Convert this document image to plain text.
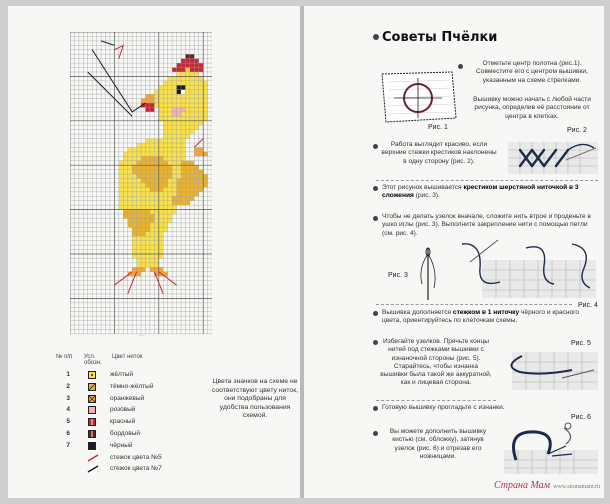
№ п/п Усл. обозн.
Цвет ниток
1	жёлтый
2	тёмно-жёлтый
3	оранжевый
4	розовый
5	красный
6	бордовый
7	чёрный
стежок цвета №5
стежок цвета №7
Цвета значков на схеме не соответствуют цвету ниток, они подобраны для удобства пользования схемой.
Советы Пчёлки
Рис. 1
Отметьте центр полотна (рис.1). Совместите его с центром вышивки, указанным на схеме стрелками.
Вышивку можно начать с любой части рисунка, определив её расстояние от центра в клетках.
Рис. 2
Работа выглядит красиво, если верхние стежки крестиков наклонены в одну сторону (рис. 2).
Этот рисунок вышивается крестиком шерстяной ниточкой в 3 сложения (рис. 3).
Чтобы не делать узелок вначале, сложите нить втрое и проденьте в ушко иглы (рис. 3). Выполните закрепление нити с помощью петли (см. рис. 4).
Рис. 3
Рис. 4
Вышивка дополняется стежком в 1 ниточку чёрного и красного цвета, ориентируйтесь по клеточкам схемы.
Избегайте узелков. Прячьте концы нитей под стежками вышивки с изнаночной стороны (рис. 5). Старайтесь, чтобы изнанка вышивки была такой же аккуратной, как и лицевая сторона.
Рис. 5
Готовую вышивку прогладьте с изнанки.
Рис. 6
Вы можете дополнить вышивку кистью (см. обложку), затянув узелок (рис. 6) и отрезав его ножницами.
Страна Мам www.stranamam.ru
